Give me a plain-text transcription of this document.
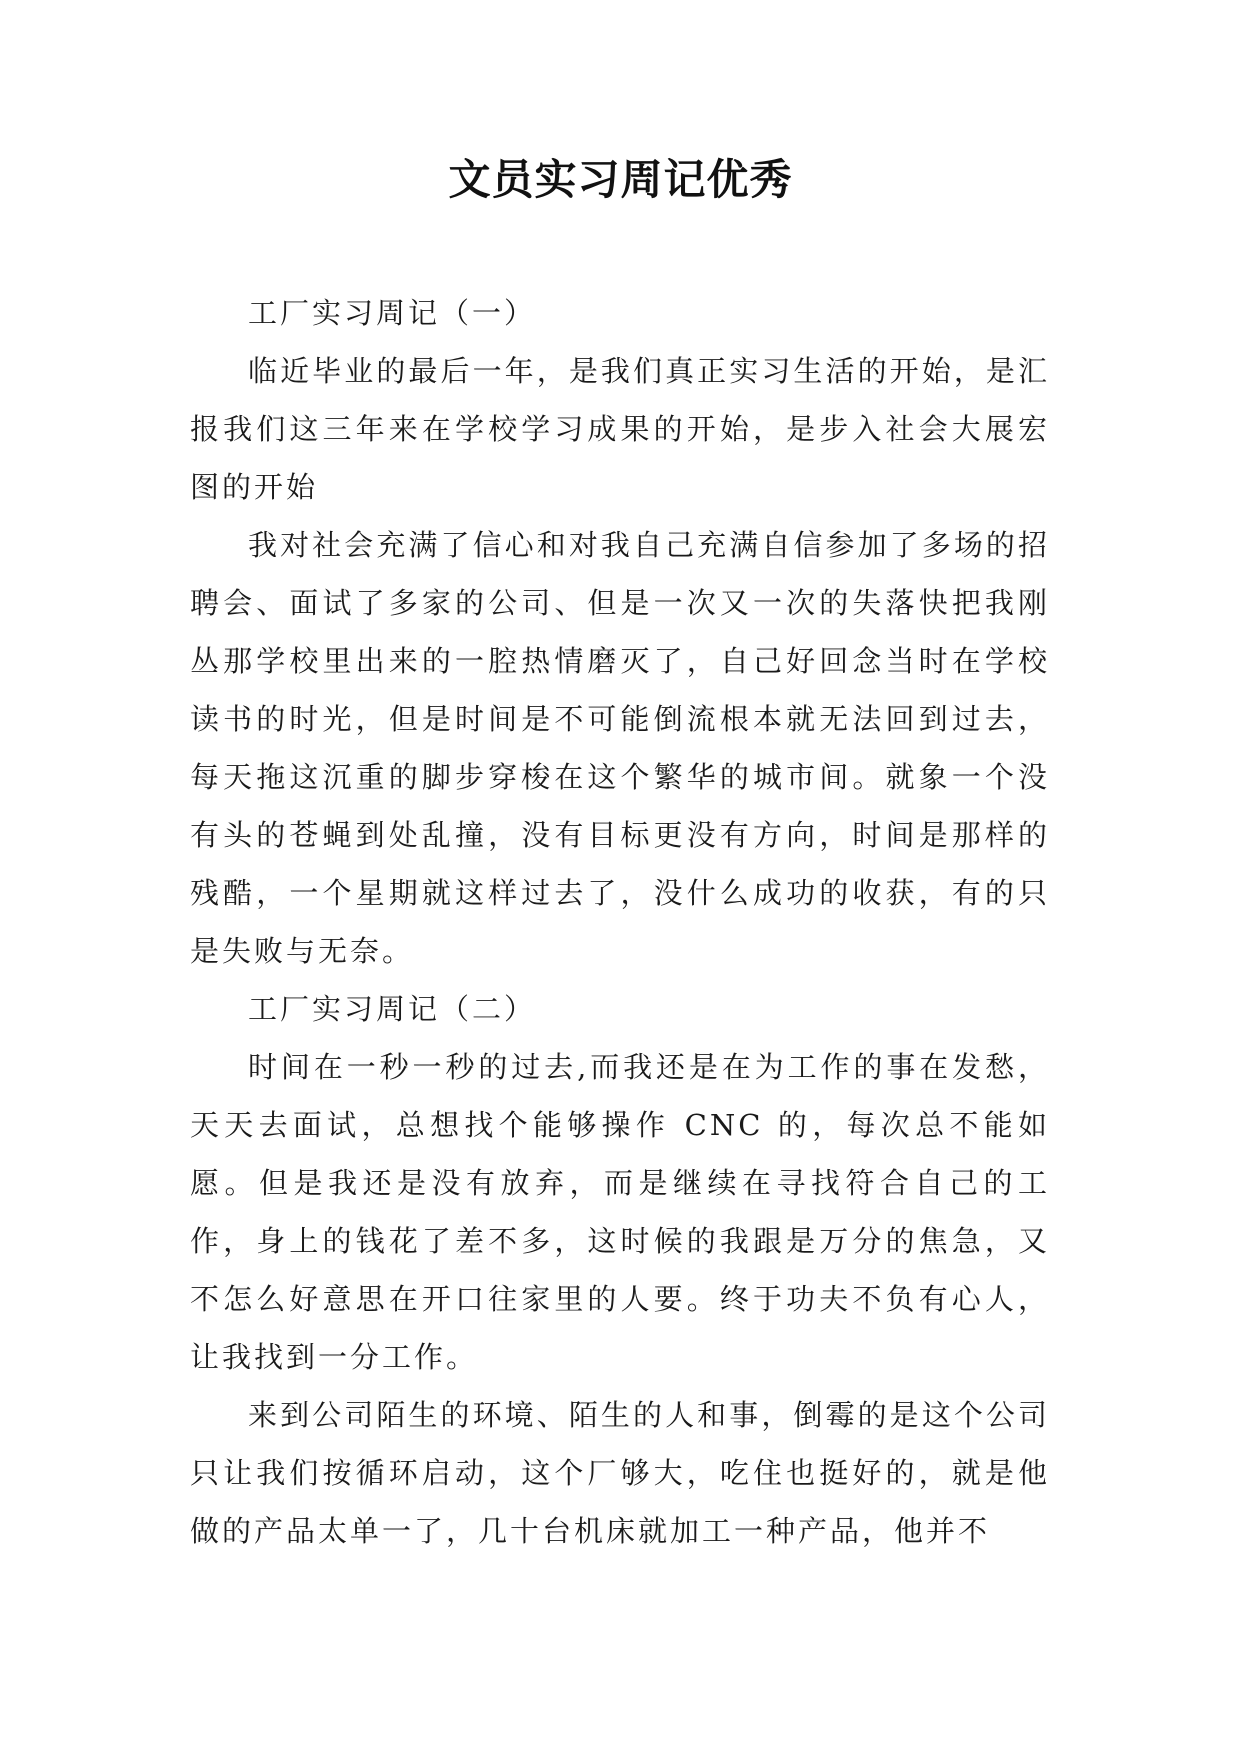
文员实习周记优秀

工厂实习周记（一）

临近毕业的最后一年，是我们真正实习生活的开始，是汇报我们这三年来在学校学习成果的开始，是步入社会大展宏图的开始

我对社会充满了信心和对我自己充满自信参加了多场的招聘会、面试了多家的公司、但是一次又一次的失落快把我刚丛那学校里出来的一腔热情磨灭了，自己好回念当时在学校读书的时光，但是时间是不可能倒流根本就无法回到过去，每天拖这沉重的脚步穿梭在这个繁华的城市间。就象一个没有头的苍蝇到处乱撞，没有目标更没有方向，时间是那样的残酷，一个星期就这样过去了，没什么成功的收获，有的只是失败与无奈。

工厂实习周记（二）

时间在一秒一秒的过去,而我还是在为工作的事在发愁，天天去面试，总想找个能够操作 CNC 的，每次总不能如愿。但是我还是没有放弃，而是继续在寻找符合自己的工作，身上的钱花了差不多，这时候的我跟是万分的焦急，又不怎么好意思在开口往家里的人要。终于功夫不负有心人，让我找到一分工作。

来到公司陌生的环境、陌生的人和事，倒霉的是这个公司只让我们按循环启动，这个厂够大，吃住也挺好的，就是他做的产品太单一了，几十台机床就加工一种产品，他并不
